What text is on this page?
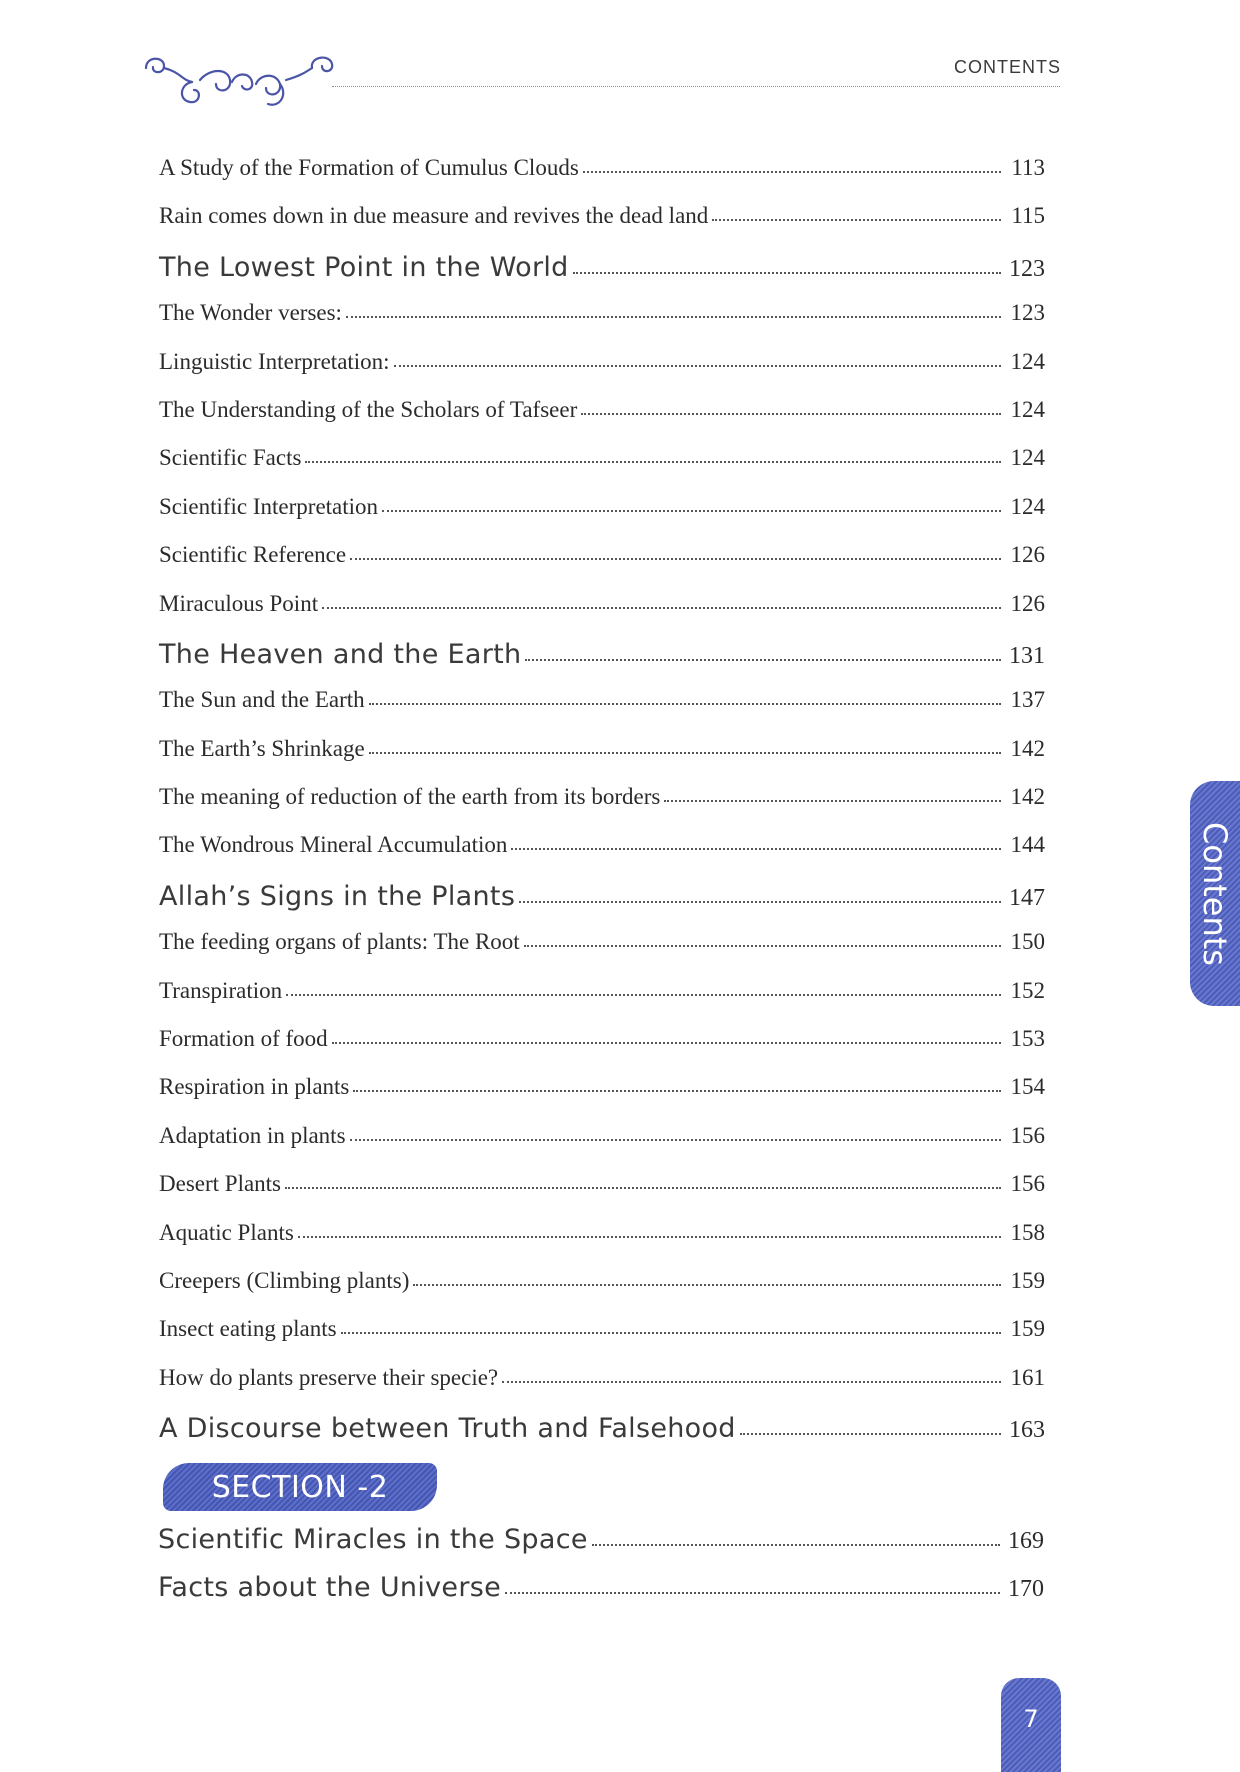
CONTENTS
A Study of the Formation of Cumulus Clouds	113
Rain comes down in due measure and revives the dead land	115
The Lowest Point in the World	123
The Wonder verses:	123
Linguistic Interpretation:	124
The Understanding of the Scholars of Tafseer	124
Scientific Facts	124
Scientific Interpretation	124
Scientific Reference	126
Miraculous Point	126
The Heaven and the Earth	131
The Sun and the Earth	137
The Earth’s Shrinkage	142
The meaning of reduction of the earth from its borders	142
The Wondrous Mineral Accumulation	144
Allah’s Signs in the Plants	147
The feeding organs of plants: The Root	150
Transpiration	152
Formation of food	153
Respiration in plants	154
Adaptation in plants	156
Desert Plants	156
Aquatic Plants	158
Creepers (Climbing plants)	159
Insect eating plants	159
How do plants preserve their specie?	161
A Discourse between Truth and Falsehood	163
SECTION -2
Scientific Miracles in the Space	169
Facts about the Universe	170
Contents
7
